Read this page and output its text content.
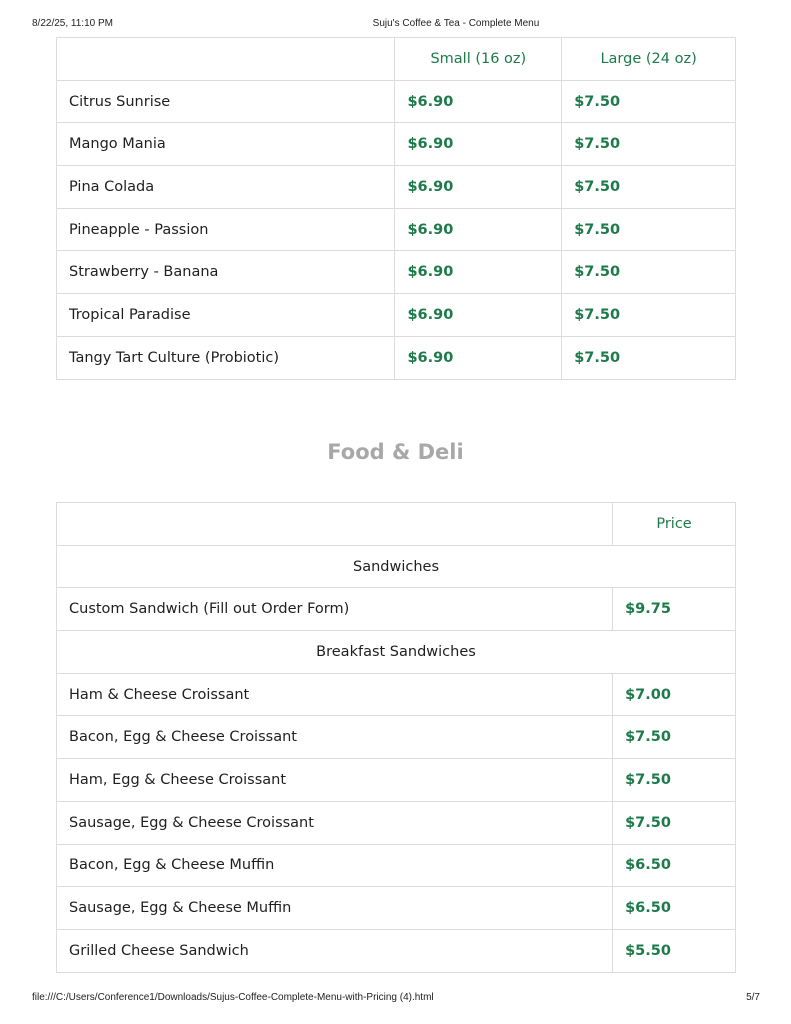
8/22/25, 11:10 PM	Suju's Coffee & Tea - Complete Menu
	Small (16 oz)	Large (24 oz)
Citrus Sunrise	$6.90	$7.50
Mango Mania	$6.90	$7.50
Pina Colada	$6.90	$7.50
Pineapple - Passion	$6.90	$7.50
Strawberry - Banana	$6.90	$7.50
Tropical Paradise	$6.90	$7.50
Tangy Tart Culture (Probiotic)	$6.90	$7.50
Food & Deli
	Price
Sandwiches	
Custom Sandwich (Fill out Order Form)	$9.75
Breakfast Sandwiches	
Ham & Cheese Croissant	$7.00
Bacon, Egg & Cheese Croissant	$7.50
Ham, Egg & Cheese Croissant	$7.50
Sausage, Egg & Cheese Croissant	$7.50
Bacon, Egg & Cheese Muffin	$6.50
Sausage, Egg & Cheese Muffin	$6.50
Grilled Cheese Sandwich	$5.50
file:///C:/Users/Conference1/Downloads/Sujus-Coffee-Complete-Menu-with-Pricing (4).html	5/7
